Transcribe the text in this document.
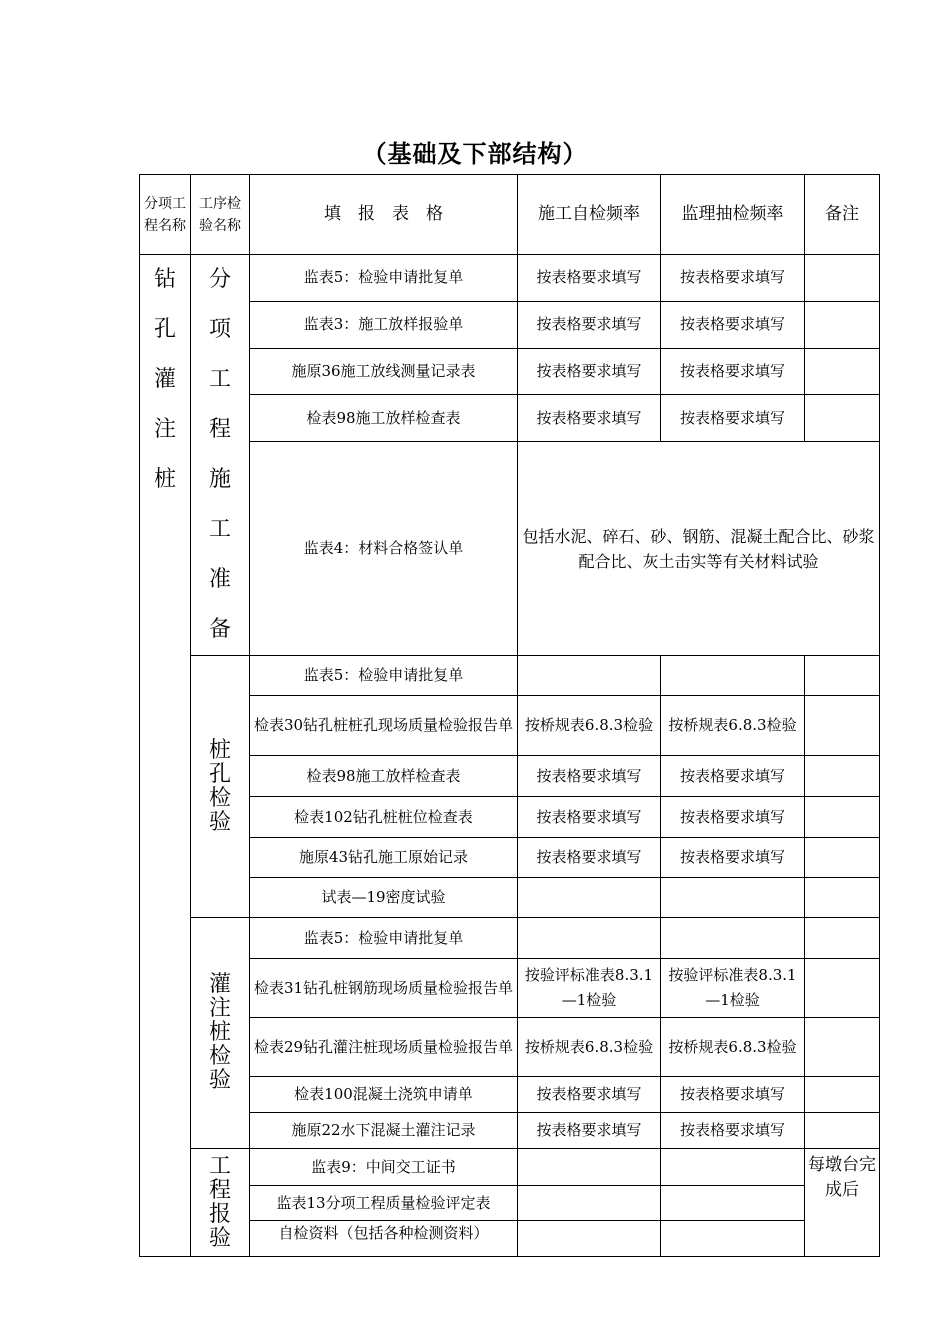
（基础及下部结构）
分项工程名称	工序检验名称	填　报　表　格	施工自检频率	监理抽检频率	备注

钻孔灌注桩	分项工程施工准备	监表5：检验申请批复单	按表格要求填写	按表格要求填写	
		监表3：施工放样报验单	按表格要求填写	按表格要求填写	
		施原36施工放线测量记录表	按表格要求填写	按表格要求填写	
		检表98施工放样检查表	按表格要求填写	按表格要求填写	
		监表4：材料合格签认单	包括水泥、碎石、砂、钢筋、混凝土配合比、砂浆配合比、灰土击实等有关材料试验		

	桩孔检验	监表5：检验申请批复单			
		检表30钻孔桩桩孔现场质量检验报告单	按桥规表6.8.3检验	按桥规表6.8.3检验	
		检表98施工放样检查表	按表格要求填写	按表格要求填写	
		检表102钻孔桩桩位检查表	按表格要求填写	按表格要求填写	
		施原43钻孔施工原始记录	按表格要求填写	按表格要求填写	
		试表—19密度试验			

	灌注桩检验	监表5：检验申请批复单			
		检表31钻孔桩钢筋现场质量检验报告单	按验评标准表8.3.1—1检验	按验评标准表8.3.1—1检验	
		检表29钻孔灌注桩现场质量检验报告单	按桥规表6.8.3检验	按桥规表6.8.3检验	
		检表100混凝土浇筑申请单	按表格要求填写	按表格要求填写	
		施原22水下混凝土灌注记录	按表格要求填写	按表格要求填写	

	工程报验	监表9：中间交工证书			每墩台完成后
		监表13分项工程质量检验评定表			
		自检资料（包括各种检测资料）			
